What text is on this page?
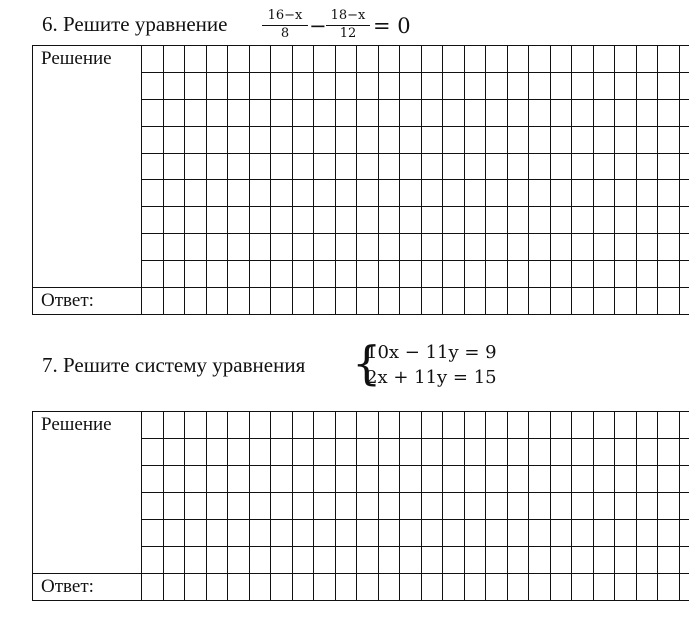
6. Решите уравнение	$\frac{16-x}{8} - \frac{18-x}{12} = 0$
Решение																										

Ответ:																										
7. Решите систему уравнения {
10x − 11y = 9
2x + 11y = 15
Решение																										

Ответ:																										
